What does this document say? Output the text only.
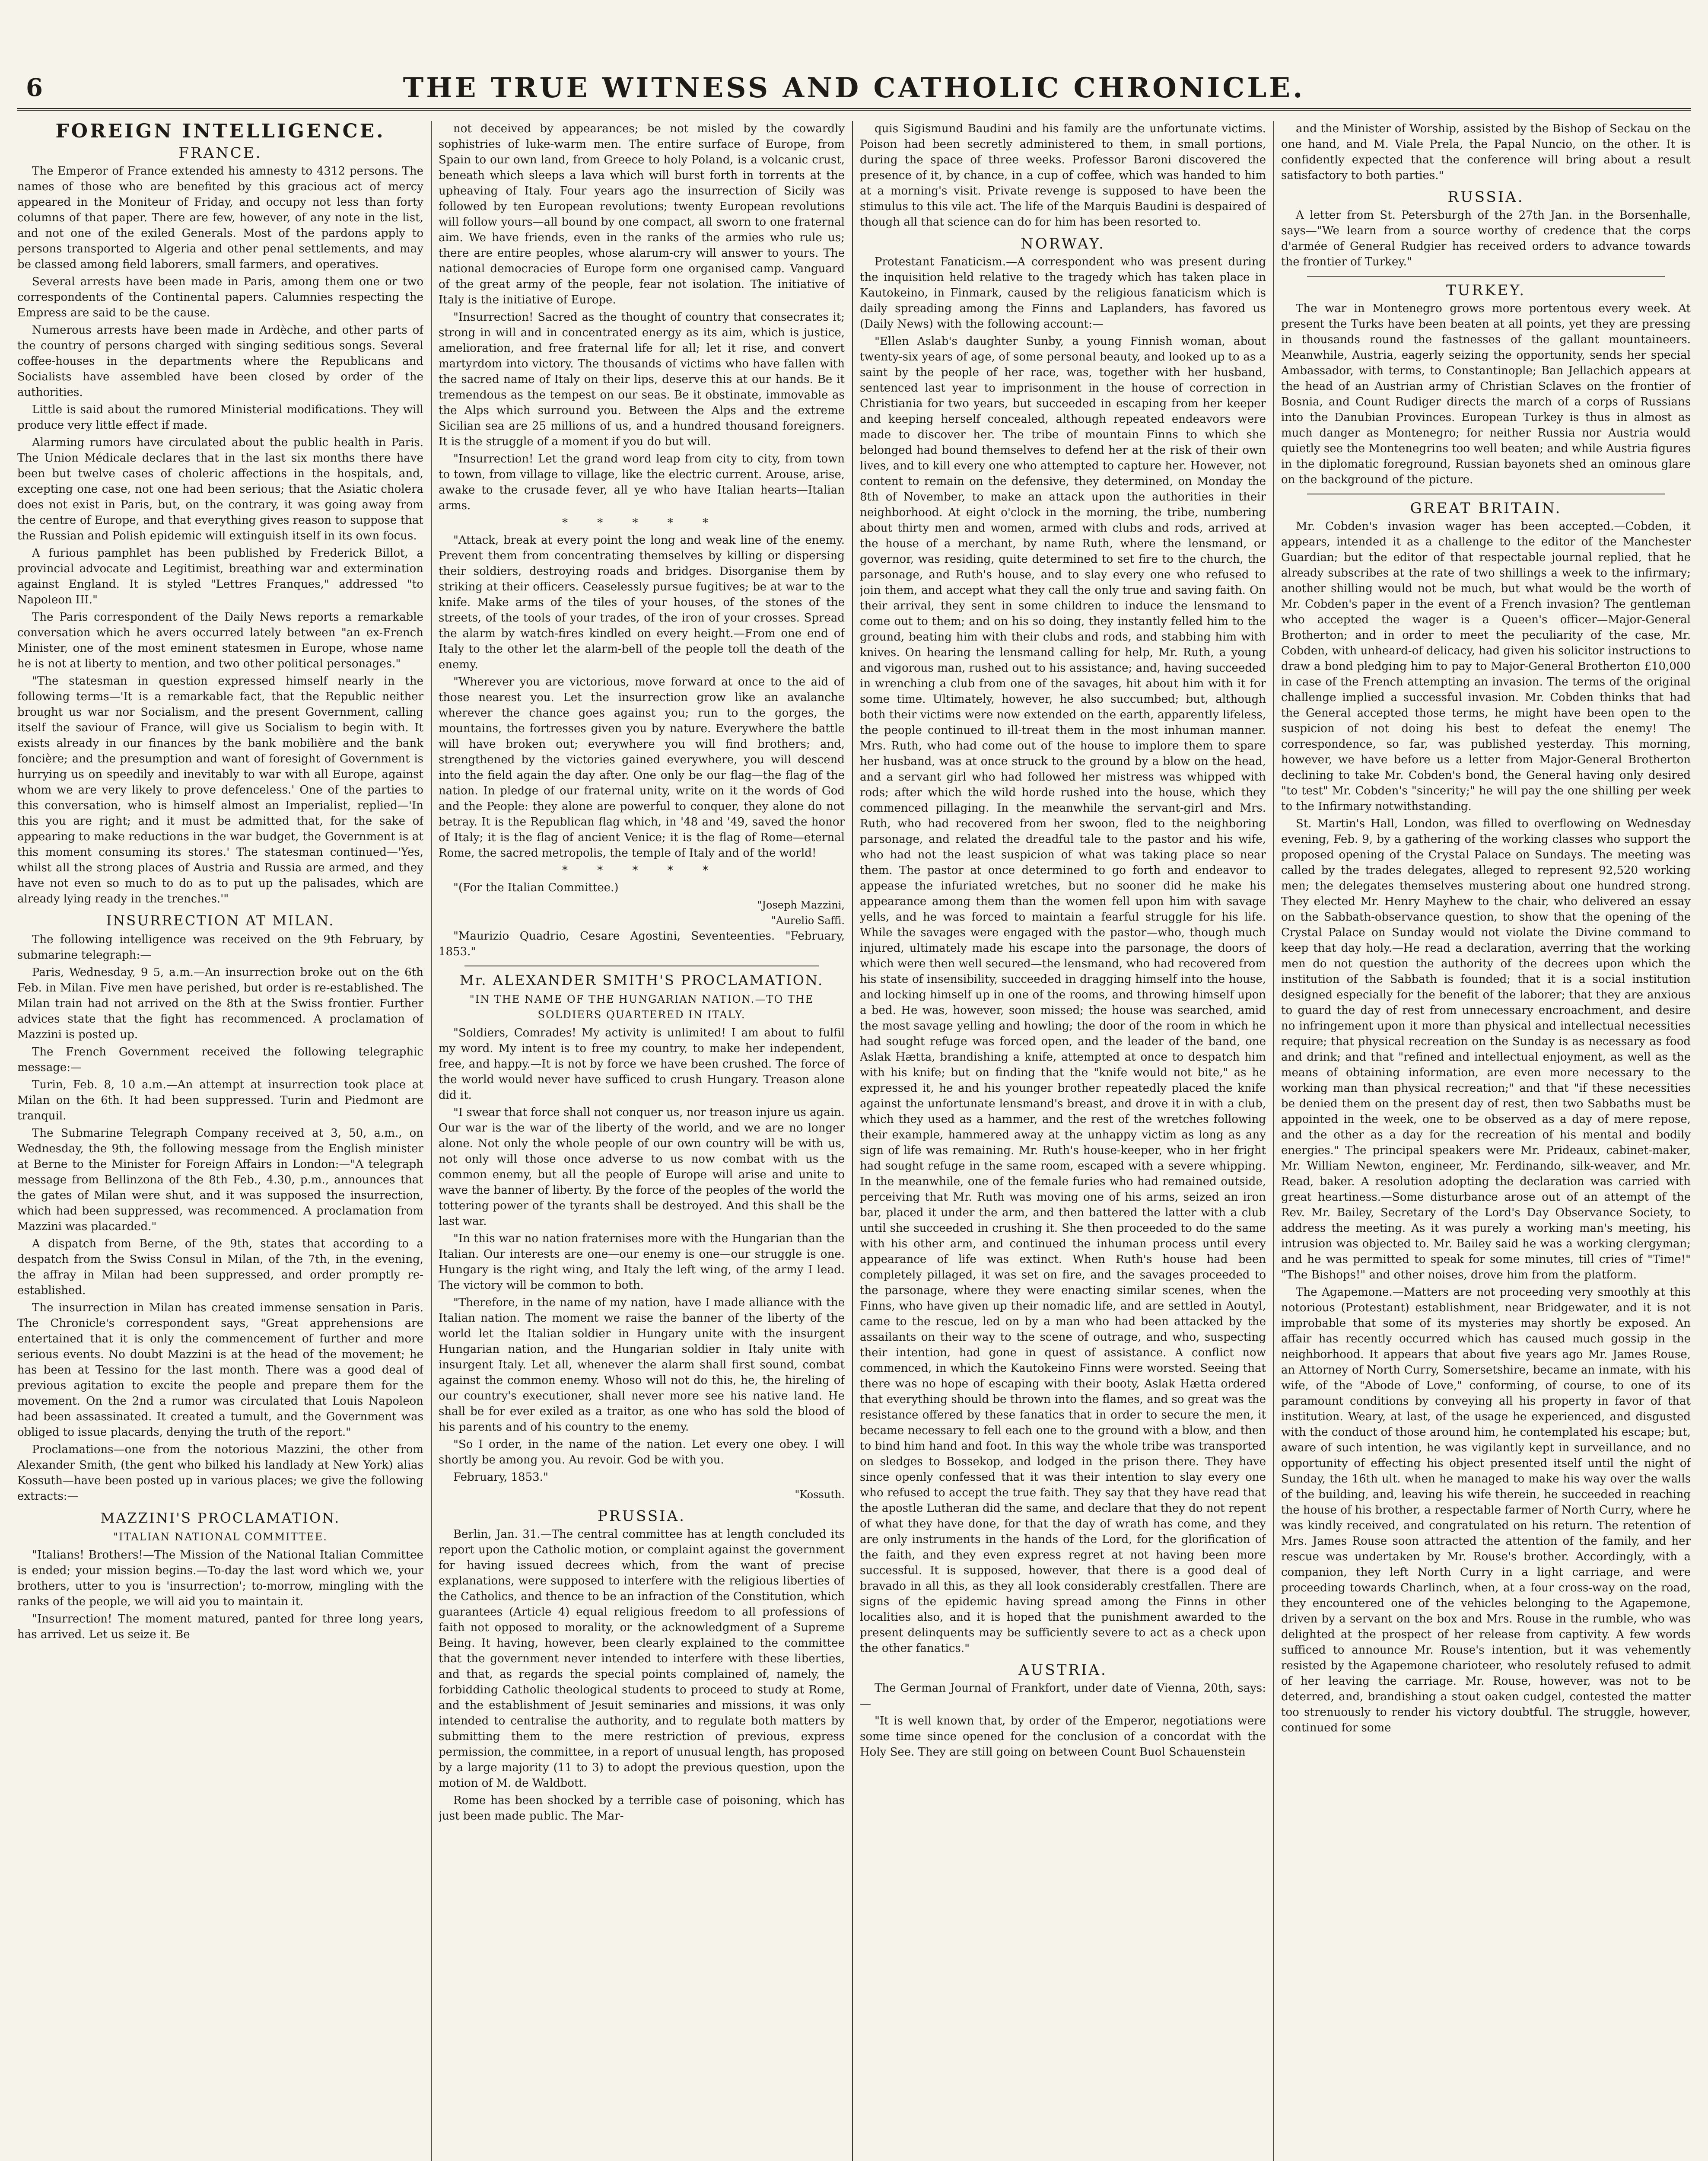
6	THE TRUE WITNESS AND CATHOLIC CHRONICLE.
FOREIGN INTELLIGENCE.
FRANCE.

The Emperor of France extended his amnesty to 4312 persons. The names of those who are benefited by this gracious act of mercy appeared in the Moniteur of Friday, and occupy not less than forty columns of that paper. There are few, however, of any note in the list, and not one of the exiled Generals. Most of the pardons apply to persons transported to Algeria and other penal settlements, and may be classed among field laborers, small farmers, and operatives.

Several arrests have been made in Paris, among them one or two correspondents of the Continental papers. Calumnies respecting the Empress are said to be the cause.

Numerous arrests have been made in Ardèche, and other parts of the country of persons charged with singing seditious songs. Several coffee-houses in the departments where the Republicans and Socialists have assembled have been closed by order of the authorities.

Little is said about the rumored Ministerial modifications. They will produce very little effect if made.

Alarming rumors have circulated about the public health in Paris. The Union Médicale declares that in the last six months there have been but twelve cases of choleric affections in the hospitals, and, excepting one case, not one had been serious; that the Asiatic cholera does not exist in Paris, but, on the contrary, it was going away from the centre of Europe, and that everything gives reason to suppose that the Russian and Polish epidemic will extinguish itself in its own focus.

A furious pamphlet has been published by Frederick Billot, a provincial advocate and Legitimist, breathing war and extermination against England. It is styled "Lettres Franques," addressed "to Napoleon III."

The Paris correspondent of the Daily News reports a remarkable conversation which he avers occurred lately between "an ex-French Minister, one of the most eminent statesmen in Europe, whose name he is not at liberty to mention, and two other political personages."

"The statesman in question expressed himself nearly in the following terms—'It is a remarkable fact, that the Republic neither brought us war nor Socialism, and the present Government, calling itself the saviour of France, will give us Socialism to begin with. It exists already in our finances by the bank mobilière and the bank foncière; and the presumption and want of foresight of Government is hurrying us on speedily and inevitably to war with all Europe, against whom we are very likely to prove defenceless.' One of the parties to this conversation, who is himself almost an Imperialist, replied—'In this you are right; and it must be admitted that, for the sake of appearing to make reductions in the war budget, the Government is at this moment consuming its stores.' The statesman continued—'Yes, whilst all the strong places of Austria and Russia are armed, and they have not even so much to do as to put up the palisades, which are already lying ready in the trenches.'"

INSURRECTION AT MILAN.

The following intelligence was received on the 9th February, by submarine telegraph:—

Paris, Wednesday, 9 5, a.m.—An insurrection broke out on the 6th Feb. in Milan. Five men have perished, but order is re-established. The Milan train had not arrived on the 8th at the Swiss frontier. Further advices state that the fight has recommenced. A proclamation of Mazzini is posted up.

The French Government received the following telegraphic message:—

Turin, Feb. 8, 10 a.m.—An attempt at insurrection took place at Milan on the 6th. It had been suppressed. Turin and Piedmont are tranquil.

The Submarine Telegraph Company received at 3, 50, a.m., on Wednesday, the 9th, the following message from the English minister at Berne to the Minister for Foreign Affairs in London:—"A telegraph message from Bellinzona of the 8th Feb., 4.30, p.m., announces that the gates of Milan were shut, and it was supposed the insurrection, which had been suppressed, was recommenced. A proclamation from Mazzini was placarded."

A dispatch from Berne, of the 9th, states that according to a despatch from the Swiss Consul in Milan, of the 7th, in the evening, the affray in Milan had been suppressed, and order promptly re-established.

The insurrection in Milan has created immense sensation in Paris. The Chronicle's correspondent says, "Great apprehensions are entertained that it is only the commencement of further and more serious events. No doubt Mazzini is at the head of the movement; he has been at Tessino for the last month. There was a good deal of previous agitation to excite the people and prepare them for the movement. On the 2nd a rumor was circulated that Louis Napoleon had been assassinated. It created a tumult, and the Government was obliged to issue placards, denying the truth of the report."

Proclamations—one from the notorious Mazzini, the other from Alexander Smith, (the gent who bilked his landlady at New York) alias Kossuth—have been posted up in various places; we give the following extracts:—

MAZZINI'S PROCLAMATION.
"ITALIAN NATIONAL COMMITTEE.

"Italians! Brothers!—The Mission of the National Italian Committee is ended; your mission begins.—To-day the last word which we, your brothers, utter to you is 'insurrection'; to-morrow, mingling with the ranks of the people, we will aid you to maintain it.

"Insurrection! The moment matured, panted for three long years, has arrived. Let us seize it. Be

not deceived by appearances; be not misled by the cowardly sophistries of luke-warm men. The entire surface of Europe, from Spain to our own land, from Greece to holy Poland, is a volcanic crust, beneath which sleeps a lava which will burst forth in torrents at the upheaving of Italy. Four years ago the insurrection of Sicily was followed by ten European revolutions; twenty European revolutions will follow yours—all bound by one compact, all sworn to one fraternal aim. We have friends, even in the ranks of the armies who rule us; there are entire peoples, whose alarum-cry will answer to yours. The national democracies of Europe form one organised camp. Vanguard of the great army of the people, fear not isolation. The initiative of Italy is the initiative of Europe.

"Insurrection! Sacred as the thought of country that consecrates it; strong in will and in concentrated energy as its aim, which is justice, amelioration, and free fraternal life for all; let it rise, and convert martyrdom into victory. The thousands of victims who have fallen with the sacred name of Italy on their lips, deserve this at our hands. Be it tremendous as the tempest on our seas. Be it obstinate, immovable as the Alps which surround you. Between the Alps and the extreme Sicilian sea are 25 millions of us, and a hundred thousand foreigners. It is the struggle of a moment if you do but will.

"Insurrection! Let the grand word leap from city to city, from town to town, from village to village, like the electric current. Arouse, arise, awake to the crusade fever, all ye who have Italian hearts—Italian arms.

* * * * *

"Attack, break at every point the long and weak line of the enemy. Prevent them from concentrating themselves by killing or dispersing their soldiers, destroying roads and bridges. Disorganise them by striking at their officers. Ceaselessly pursue fugitives; be at war to the knife. Make arms of the tiles of your houses, of the stones of the streets, of the tools of your trades, of the iron of your crosses. Spread the alarm by watch-fires kindled on every height.—From one end of Italy to the other let the alarm-bell of the people toll the death of the enemy.

"Wherever you are victorious, move forward at once to the aid of those nearest you. Let the insurrection grow like an avalanche wherever the chance goes against you; run to the gorges, the mountains, the fortresses given you by nature. Everywhere the battle will have broken out; everywhere you will find brothers; and, strengthened by the victories gained everywhere, you will descend into the field again the day after. One only be our flag—the flag of the nation. In pledge of our fraternal unity, write on it the words of God and the People: they alone are powerful to conquer, they alone do not betray. It is the Republican flag which, in '48 and '49, saved the honor of Italy; it is the flag of ancient Venice; it is the flag of Rome—eternal Rome, the sacred metropolis, the temple of Italy and of the world!

* * * * *

"(For the Italian Committee.)

"Joseph Mazzini,

"Aurelio Saffi.

"Maurizio Quadrio, Cesare Agostini, Seventeenties. "February, 1853."

Mr. ALEXANDER SMITH'S PROCLAMATION.
"IN THE NAME OF THE HUNGARIAN NATION.—TO THE SOLDIERS QUARTERED IN ITALY.

"Soldiers, Comrades! My activity is unlimited! I am about to fulfil my word. My intent is to free my country, to make her independent, free, and happy.—It is not by force we have been crushed. The force of the world would never have sufficed to crush Hungary. Treason alone did it.

"I swear that force shall not conquer us, nor treason injure us again. Our war is the war of the liberty of the world, and we are no longer alone. Not only the whole people of our own country will be with us, not only will those once adverse to us now combat with us the common enemy, but all the people of Europe will arise and unite to wave the banner of liberty. By the force of the peoples of the world the tottering power of the tyrants shall be destroyed. And this shall be the last war.

"In this war no nation fraternises more with the Hungarian than the Italian. Our interests are one—our enemy is one—our struggle is one. Hungary is the right wing, and Italy the left wing, of the army I lead. The victory will be common to both.

"Therefore, in the name of my nation, have I made alliance with the Italian nation. The moment we raise the banner of the liberty of the world let the Italian soldier in Hungary unite with the insurgent Hungarian nation, and the Hungarian soldier in Italy unite with insurgent Italy. Let all, whenever the alarm shall first sound, combat against the common enemy. Whoso will not do this, he, the hireling of our country's executioner, shall never more see his native land. He shall be for ever exiled as a traitor, as one who has sold the blood of his parents and of his country to the enemy.

"So I order, in the name of the nation. Let every one obey. I will shortly be among you. Au revoir. God be with you.

February, 1853."

"Kossuth.

PRUSSIA.

Berlin, Jan. 31.—The central committee has at length concluded its report upon the Catholic motion, or complaint against the government for having issued decrees which, from the want of precise explanations, were supposed to interfere with the religious liberties of the Catholics, and thence to be an infraction of the Constitution, which guarantees (Article 4) equal religious freedom to all professions of faith not opposed to morality, or the acknowledgment of a Supreme Being. It having, however, been clearly explained to the committee that the government never intended to interfere with these liberties, and that, as regards the special points complained of, namely, the forbidding Catholic theological students to proceed to study at Rome, and the establishment of Jesuit seminaries and missions, it was only intended to centralise the authority, and to regulate both matters by submitting them to the mere restriction of previous, express permission, the committee, in a report of unusual length, has proposed by a large majority (11 to 3) to adopt the previous question, upon the motion of M. de Waldbott.

Rome has been shocked by a terrible case of poisoning, which has just been made public. The Mar-

quis Sigismund Baudini and his family are the unfortunate victims. Poison had been secretly administered to them, in small portions, during the space of three weeks. Professor Baroni discovered the presence of it, by chance, in a cup of coffee, which was handed to him at a morning's visit. Private revenge is supposed to have been the stimulus to this vile act. The life of the Marquis Baudini is despaired of though all that science can do for him has been resorted to.

NORWAY.

Protestant Fanaticism.—A correspondent who was present during the inquisition held relative to the tragedy which has taken place in Kautokeino, in Finmark, caused by the religious fanaticism which is daily spreading among the Finns and Laplanders, has favored us (Daily News) with the following account:—

"Ellen Aslab's daughter Sunby, a young Finnish woman, about twenty-six years of age, of some personal beauty, and looked up to as a saint by the people of her race, was, together with her husband, sentenced last year to imprisonment in the house of correction in Christiania for two years, but succeeded in escaping from her keeper and keeping herself concealed, although repeated endeavors were made to discover her. The tribe of mountain Finns to which she belonged had bound themselves to defend her at the risk of their own lives, and to kill every one who attempted to capture her. However, not content to remain on the defensive, they determined, on Monday the 8th of November, to make an attack upon the authorities in their neighborhood. At eight o'clock in the morning, the tribe, numbering about thirty men and women, armed with clubs and rods, arrived at the house of a merchant, by name Ruth, where the lensmand, or governor, was residing, quite determined to set fire to the church, the parsonage, and Ruth's house, and to slay every one who refused to join them, and accept what they call the only true and saving faith. On their arrival, they sent in some children to induce the lensmand to come out to them; and on his so doing, they instantly felled him to the ground, beating him with their clubs and rods, and stabbing him with knives. On hearing the lensmand calling for help, Mr. Ruth, a young and vigorous man, rushed out to his assistance; and, having succeeded in wrenching a club from one of the savages, hit about him with it for some time. Ultimately, however, he also succumbed; but, although both their victims were now extended on the earth, apparently lifeless, the people continued to ill-treat them in the most inhuman manner. Mrs. Ruth, who had come out of the house to implore them to spare her husband, was at once struck to the ground by a blow on the head, and a servant girl who had followed her mistress was whipped with rods; after which the wild horde rushed into the house, which they commenced pillaging. In the meanwhile the servant-girl and Mrs. Ruth, who had recovered from her swoon, fled to the neighboring parsonage, and related the dreadful tale to the pastor and his wife, who had not the least suspicion of what was taking place so near them. The pastor at once determined to go forth and endeavor to appease the infuriated wretches, but no sooner did he make his appearance among them than the women fell upon him with savage yells, and he was forced to maintain a fearful struggle for his life. While the savages were engaged with the pastor—who, though much injured, ultimately made his escape into the parsonage, the doors of which were then well secured—the lensmand, who had recovered from his state of insensibility, succeeded in dragging himself into the house, and locking himself up in one of the rooms, and throwing himself upon a bed. He was, however, soon missed; the house was searched, amid the most savage yelling and howling; the door of the room in which he had sought refuge was forced open, and the leader of the band, one Aslak Hætta, brandishing a knife, attempted at once to despatch him with his knife; but on finding that the "knife would not bite," as he expressed it, he and his younger brother repeatedly placed the knife against the unfortunate lensmand's breast, and drove it in with a club, which they used as a hammer, and the rest of the wretches following their example, hammered away at the unhappy victim as long as any sign of life was remaining. Mr. Ruth's house-keeper, who in her fright had sought refuge in the same room, escaped with a severe whipping. In the meanwhile, one of the female furies who had remained outside, perceiving that Mr. Ruth was moving one of his arms, seized an iron bar, placed it under the arm, and then battered the latter with a club until she succeeded in crushing it. She then proceeded to do the same with his other arm, and continued the inhuman process until every appearance of life was extinct. When Ruth's house had been completely pillaged, it was set on fire, and the savages proceeded to the parsonage, where they were enacting similar scenes, when the Finns, who have given up their nomadic life, and are settled in Aoutyl, came to the rescue, led on by a man who had been attacked by the assailants on their way to the scene of outrage, and who, suspecting their intention, had gone in quest of assistance. A conflict now commenced, in which the Kautokeino Finns were worsted. Seeing that there was no hope of escaping with their booty, Aslak Hætta ordered that everything should be thrown into the flames, and so great was the resistance offered by these fanatics that in order to secure the men, it became necessary to fell each one to the ground with a blow, and then to bind him hand and foot. In this way the whole tribe was transported on sledges to Bossekop, and lodged in the prison there. They have since openly confessed that it was their intention to slay every one who refused to accept the true faith. They say that they have read that the apostle Lutheran did the same, and declare that they do not repent of what they have done, for that the day of wrath has come, and they are only instruments in the hands of the Lord, for the glorification of the faith, and they even express regret at not having been more successful. It is supposed, however, that there is a good deal of bravado in all this, as they all look considerably crestfallen. There are signs of the epidemic having spread among the Finns in other localities also, and it is hoped that the punishment awarded to the present delinquents may be sufficiently severe to act as a check upon the other fanatics."

AUSTRIA.

The German Journal of Frankfort, under date of Vienna, 20th, says:—

"It is well known that, by order of the Emperor, negotiations were some time since opened for the conclusion of a concordat with the Holy See. They are still going on between Count Buol Schauenstein

and the Minister of Worship, assisted by the Bishop of Seckau on the one hand, and M. Viale Prela, the Papal Nuncio, on the other. It is confidently expected that the conference will bring about a result satisfactory to both parties."

RUSSIA.

A letter from St. Petersburgh of the 27th Jan. in the Borsenhalle, says—"We learn from a source worthy of credence that the corps d'armée of General Rudgier has received orders to advance towards the frontier of Turkey."

TURKEY.

The war in Montenegro grows more portentous every week. At present the Turks have been beaten at all points, yet they are pressing in thousands round the fastnesses of the gallant mountaineers. Meanwhile, Austria, eagerly seizing the opportunity, sends her special Ambassador, with terms, to Constantinople; Ban Jellachich appears at the head of an Austrian army of Christian Sclaves on the frontier of Bosnia, and Count Rudiger directs the march of a corps of Russians into the Danubian Provinces. European Turkey is thus in almost as much danger as Montenegro; for neither Russia nor Austria would quietly see the Montenegrins too well beaten; and while Austria figures in the diplomatic foreground, Russian bayonets shed an ominous glare on the background of the picture.

GREAT BRITAIN.

Mr. Cobden's invasion wager has been accepted.—Cobden, it appears, intended it as a challenge to the editor of the Manchester Guardian; but the editor of that respectable journal replied, that he already subscribes at the rate of two shillings a week to the infirmary; another shilling would not be much, but what would be the worth of Mr. Cobden's paper in the event of a French invasion? The gentleman who accepted the wager is a Queen's officer—Major-General Brotherton; and in order to meet the peculiarity of the case, Mr. Cobden, with unheard-of delicacy, had given his solicitor instructions to draw a bond pledging him to pay to Major-General Brotherton £10,000 in case of the French attempting an invasion. The terms of the original challenge implied a successful invasion. Mr. Cobden thinks that had the General accepted those terms, he might have been open to the suspicion of not doing his best to defeat the enemy! The correspondence, so far, was published yesterday. This morning, however, we have before us a letter from Major-General Brotherton declining to take Mr. Cobden's bond, the General having only desired "to test" Mr. Cobden's "sincerity;" he will pay the one shilling per week to the Infirmary notwithstanding.

St. Martin's Hall, London, was filled to overflowing on Wednesday evening, Feb. 9, by a gathering of the working classes who support the proposed opening of the Crystal Palace on Sundays. The meeting was called by the trades delegates, alleged to represent 92,520 working men; the delegates themselves mustering about one hundred strong. They elected Mr. Henry Mayhew to the chair, who delivered an essay on the Sabbath-observance question, to show that the opening of the Crystal Palace on Sunday would not violate the Divine command to keep that day holy.—He read a declaration, averring that the working men do not question the authority of the decrees upon which the institution of the Sabbath is founded; that it is a social institution designed especially for the benefit of the laborer; that they are anxious to guard the day of rest from unnecessary encroachment, and desire no infringement upon it more than physical and intellectual necessities require; that physical recreation on the Sunday is as necessary as food and drink; and that "refined and intellectual enjoyment, as well as the means of obtaining information, are even more necessary to the working man than physical recreation;" and that "if these necessities be denied them on the present day of rest, then two Sabbaths must be appointed in the week, one to be observed as a day of mere repose, and the other as a day for the recreation of his mental and bodily energies." The principal speakers were Mr. Prideaux, cabinet-maker, Mr. William Newton, engineer, Mr. Ferdinando, silk-weaver, and Mr. Read, baker. A resolution adopting the declaration was carried with great heartiness.—Some disturbance arose out of an attempt of the Rev. Mr. Bailey, Secretary of the Lord's Day Observance Society, to address the meeting. As it was purely a working man's meeting, his intrusion was objected to. Mr. Bailey said he was a working clergyman; and he was permitted to speak for some minutes, till cries of "Time!" "The Bishops!" and other noises, drove him from the platform.

The Agapemone.—Matters are not proceeding very smoothly at this notorious (Protestant) establishment, near Bridgewater, and it is not improbable that some of its mysteries may shortly be exposed. An affair has recently occurred which has caused much gossip in the neighborhood. It appears that about five years ago Mr. James Rouse, an Attorney of North Curry, Somersetshire, became an inmate, with his wife, of the "Abode of Love," conforming, of course, to one of its paramount conditions by conveying all his property in favor of that institution. Weary, at last, of the usage he experienced, and disgusted with the conduct of those around him, he contemplated his escape; but, aware of such intention, he was vigilantly kept in surveillance, and no opportunity of effecting his object presented itself until the night of Sunday, the 16th ult. when he managed to make his way over the walls of the building, and, leaving his wife therein, he succeeded in reaching the house of his brother, a respectable farmer of North Curry, where he was kindly received, and congratulated on his return. The retention of Mrs. James Rouse soon attracted the attention of the family, and her rescue was undertaken by Mr. Rouse's brother. Accordingly, with a companion, they left North Curry in a light carriage, and were proceeding towards Charlinch, when, at a four cross-way on the road, they encountered one of the vehicles belonging to the Agapemone, driven by a servant on the box and Mrs. Rouse in the rumble, who was delighted at the prospect of her release from captivity. A few words sufficed to announce Mr. Rouse's intention, but it was vehemently resisted by the Agapemone charioteer, who resolutely refused to admit of her leaving the carriage. Mr. Rouse, however, was not to be deterred, and, brandishing a stout oaken cudgel, contested the matter too strenuously to render his victory doubtful. The struggle, however, continued for some
